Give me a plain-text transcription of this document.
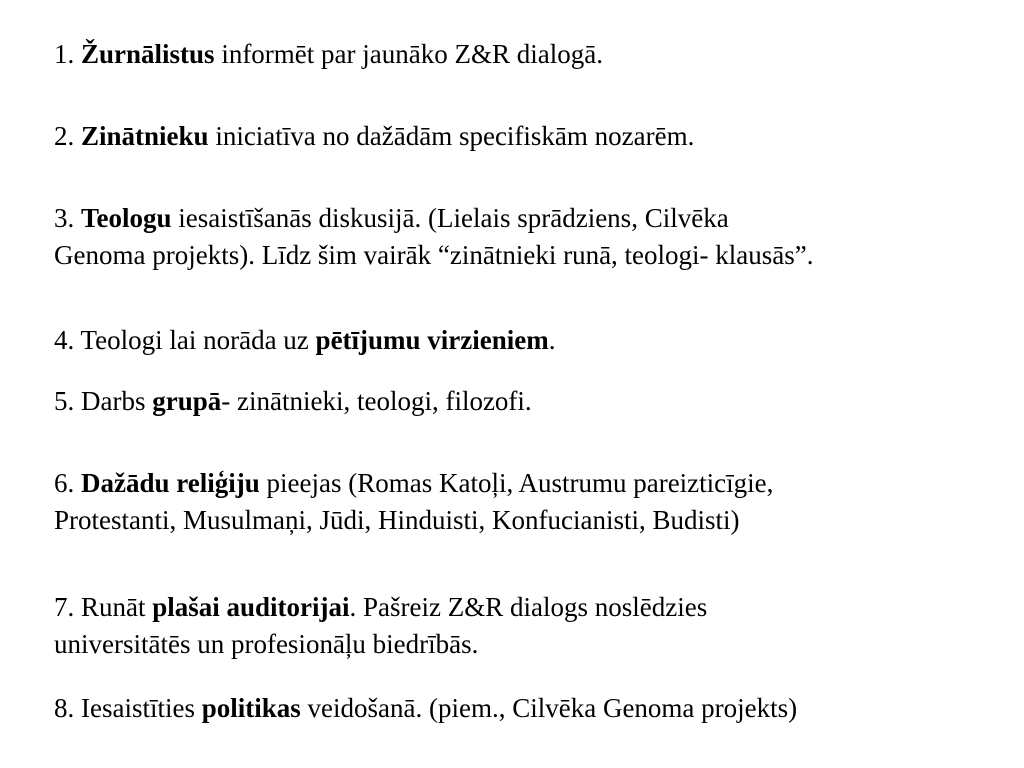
1. Žurnālistus informēt par jaunāko Z&R dialogā.

2. Zinātnieku iniciatīva no dažādām specifiskām nozarēm.

3. Teologu iesaistīšanās diskusijā. (Lielais sprādziens, Cilvēka
Genoma projekts). Līdz šim vairāk “zinātnieki runā, teologi- klausās”.

4. Teologi lai norāda uz pētījumu virzieniem.

5. Darbs grupā- zinātnieki, teologi, filozofi.

6. Dažādu reliģiju pieejas (Romas Katoļi, Austrumu pareizticīgie,
Protestanti, Musulmaņi, Jūdi, Hinduisti, Konfucianisti, Budisti)

7. Runāt plašai auditorijai. Pašreiz Z&R dialogs noslēdzies
universitātēs un profesionāļu biedrībās.

8. Iesaistīties politikas veidošanā. (piem., Cilvēka Genoma projekts)
